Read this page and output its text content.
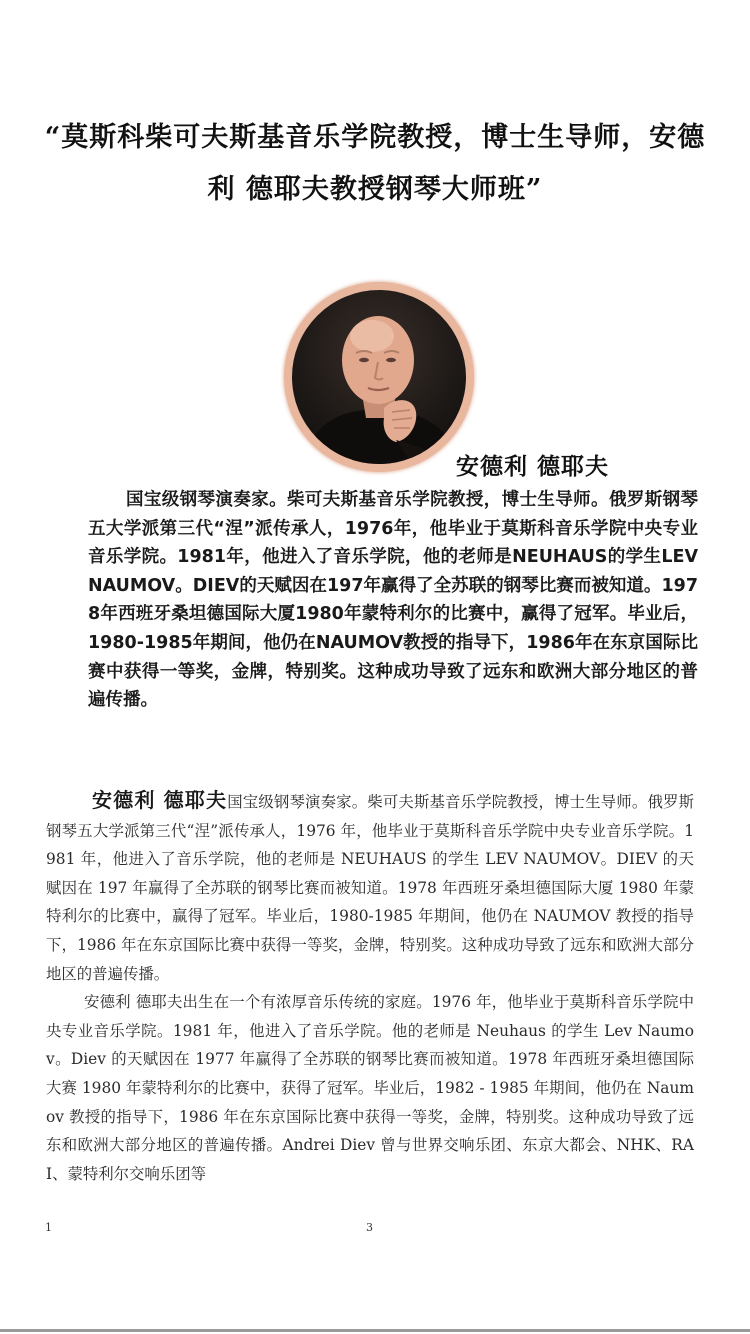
“莫斯科柴可夫斯基音乐学院教授，博士生导师，安德利 德耶夫教授钢琴大师班”
安德利 德耶夫
国宝级钢琴演奏家。柴可夫斯基音乐学院教授，博士生导师。俄罗斯钢琴五大学派第三代“涅”派传承人，1976年，他毕业于莫斯科音乐学院中央专业音乐学院。1981年，他进入了音乐学院，他的老师是NEUHAUS的学生LEV NAUMOV。DIEV的天赋因在197年赢得了全苏联的钢琴比赛而被知道。1978年西班牙桑坦德国际大厦1980年蒙特利尔的比赛中，赢得了冠军。毕业后，1980-1985年期间，他仍在NAUMOV教授的指导下，1986年在东京国际比赛中获得一等奖，金牌，特别奖。这种成功导致了远东和欧洲大部分地区的普遍传播。

安德利 德耶夫国宝级钢琴演奏家。柴可夫斯基音乐学院教授，博士生导师。俄罗斯钢琴五大学派第三代“涅”派传承人，1976 年，他毕业于莫斯科音乐学院中央专业音乐学院。1981 年，他进入了音乐学院，他的老师是 NEUHAUS 的学生 LEV NAUMOV。DIEV 的天赋因在 197 年赢得了全苏联的钢琴比赛而被知道。1978 年西班牙桑坦德国际大厦 1980 年蒙特利尔的比赛中，赢得了冠军。毕业后，1980-1985 年期间，他仍在 NAUMOV 教授的指导下，1986 年在东京国际比赛中获得一等奖，金牌，特别奖。这种成功导致了远东和欧洲大部分地区的普遍传播。

安德利 德耶夫出生在一个有浓厚音乐传统的家庭。1976 年，他毕业于莫斯科音乐学院中央专业音乐学院。1981 年，他进入了音乐学院。他的老师是 Neuhaus 的学生 Lev Naumov。Diev 的天赋因在 1977 年赢得了全苏联的钢琴比赛而被知道。1978 年西班牙桑坦德国际大赛 1980 年蒙特利尔的比赛中，获得了冠军。毕业后，1982 - 1985 年期间，他仍在 Naumov 教授的指导下，1986 年在东京国际比赛中获得一等奖，金牌，特别奖。这种成功导致了远东和欧洲大部分地区的普遍传播。Andrei Diev 曾与世界交响乐团、东京大都会、NHK、RAI、蒙特利尔交响乐团等

1	3
